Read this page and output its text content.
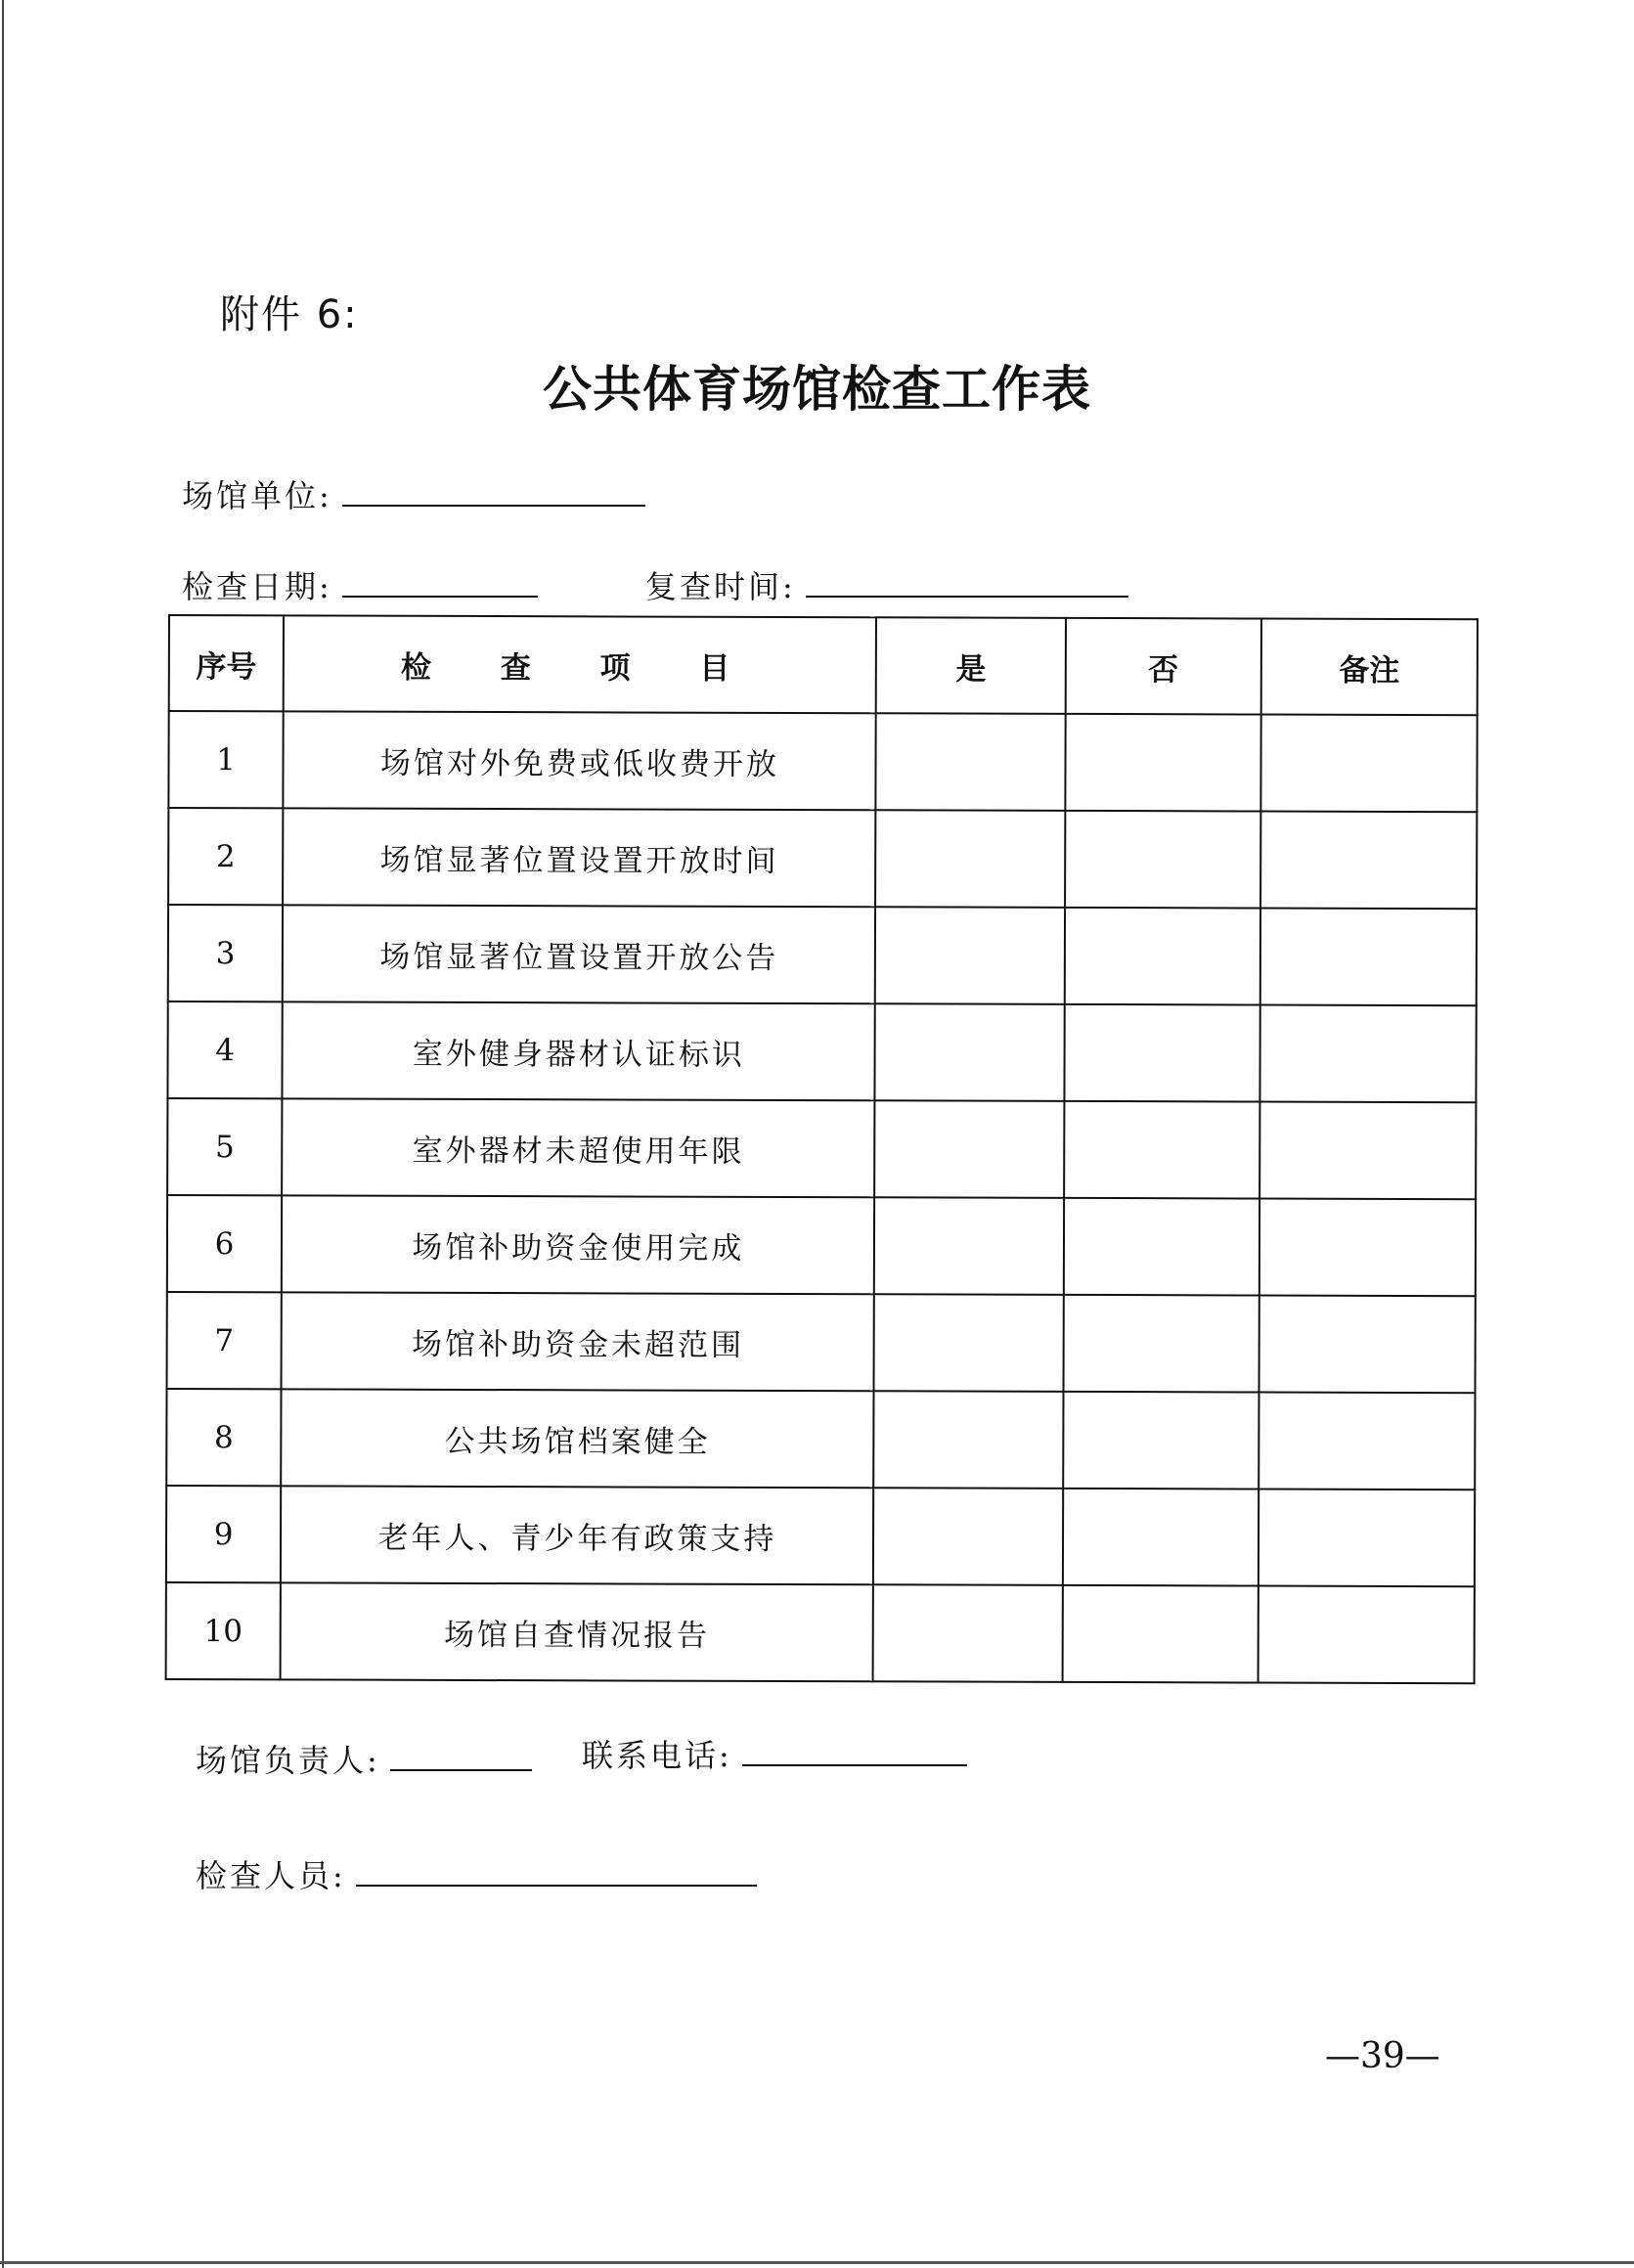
附件 6:
公共体育场馆检查工作表
场馆单位:
检查日期:	复查时间:
序号	检 查 项 目	是	否	备注
1	场馆对外免费或低收费开放			
2	场馆显著位置设置开放时间			
3	场馆显著位置设置开放公告			
4	室外健身器材认证标识			
5	室外器材未超使用年限			
6	场馆补助资金使用完成			
7	场馆补助资金未超范围			
8	公共场馆档案健全			
9	老年人、青少年有政策支持			
10	场馆自查情况报告			
场馆负责人:	联系电话:
检查人员:
—39—
